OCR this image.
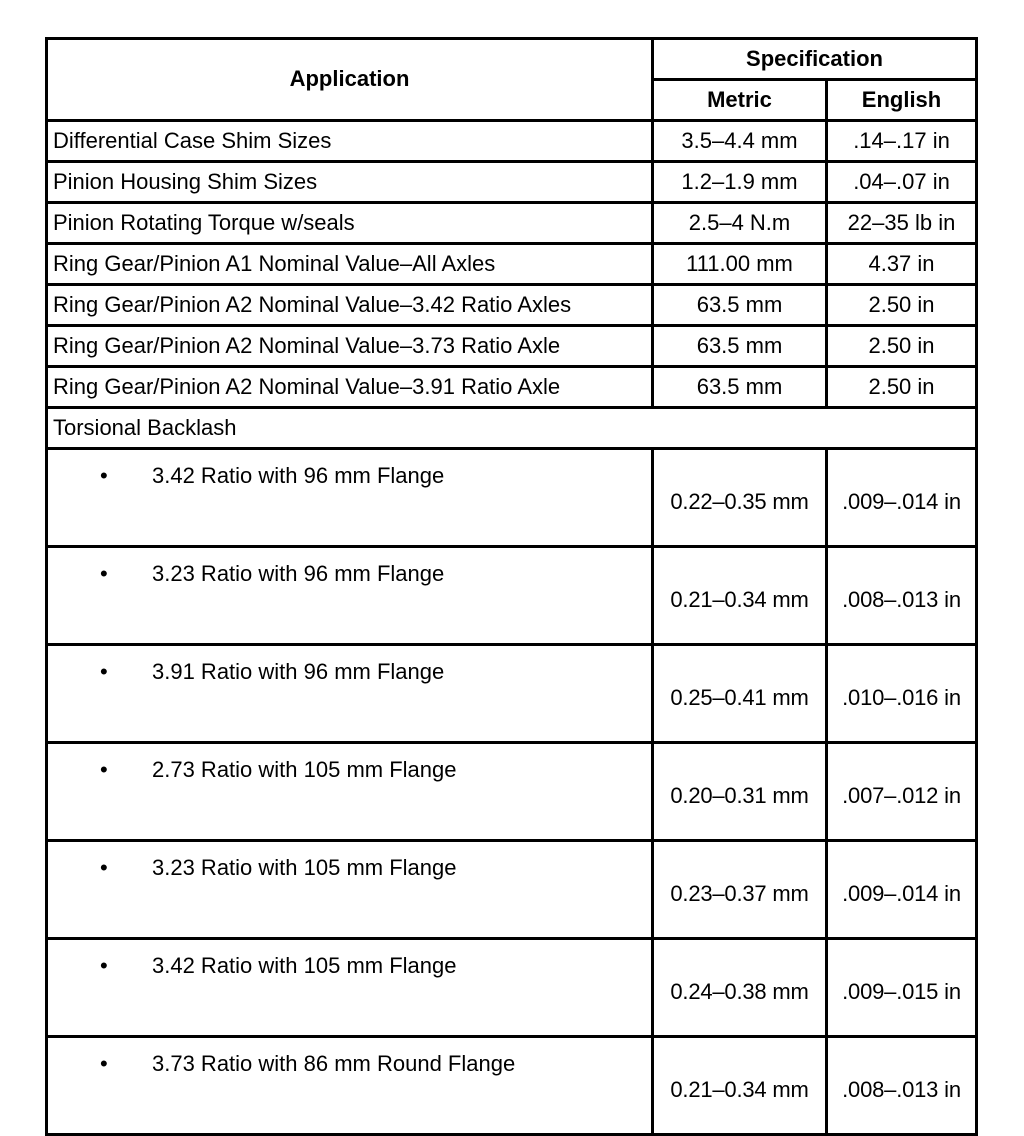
Application	Specification	
	Metric	English
Differential Case Shim Sizes	3.5–4.4 mm	.14–.17 in
Pinion Housing Shim Sizes	1.2–1.9 mm	.04–.07 in
Pinion Rotating Torque w/seals	2.5–4 N.m	22–35 lb in
Ring Gear/Pinion A1 Nominal Value–All Axles	111.00 mm	4.37 in
Ring Gear/Pinion A2 Nominal Value–3.42 Ratio Axles	63.5 mm	2.50 in
Ring Gear/Pinion A2 Nominal Value–3.73 Ratio Axle	63.5 mm	2.50 in
Ring Gear/Pinion A2 Nominal Value–3.91 Ratio Axle	63.5 mm	2.50 in
Torsional Backlash		
• 3.42 Ratio with 96 mm Flange	0.22–0.35 mm	.009–.014 in
• 3.23 Ratio with 96 mm Flange	0.21–0.34 mm	.008–.013 in
• 3.91 Ratio with 96 mm Flange	0.25–0.41 mm	.010–.016 in
• 2.73 Ratio with 105 mm Flange	0.20–0.31 mm	.007–.012 in
• 3.23 Ratio with 105 mm Flange	0.23–0.37 mm	.009–.014 in
• 3.42 Ratio with 105 mm Flange	0.24–0.38 mm	.009–.015 in
• 3.73 Ratio with 86 mm Round Flange	0.21–0.34 mm	.008–.013 in
